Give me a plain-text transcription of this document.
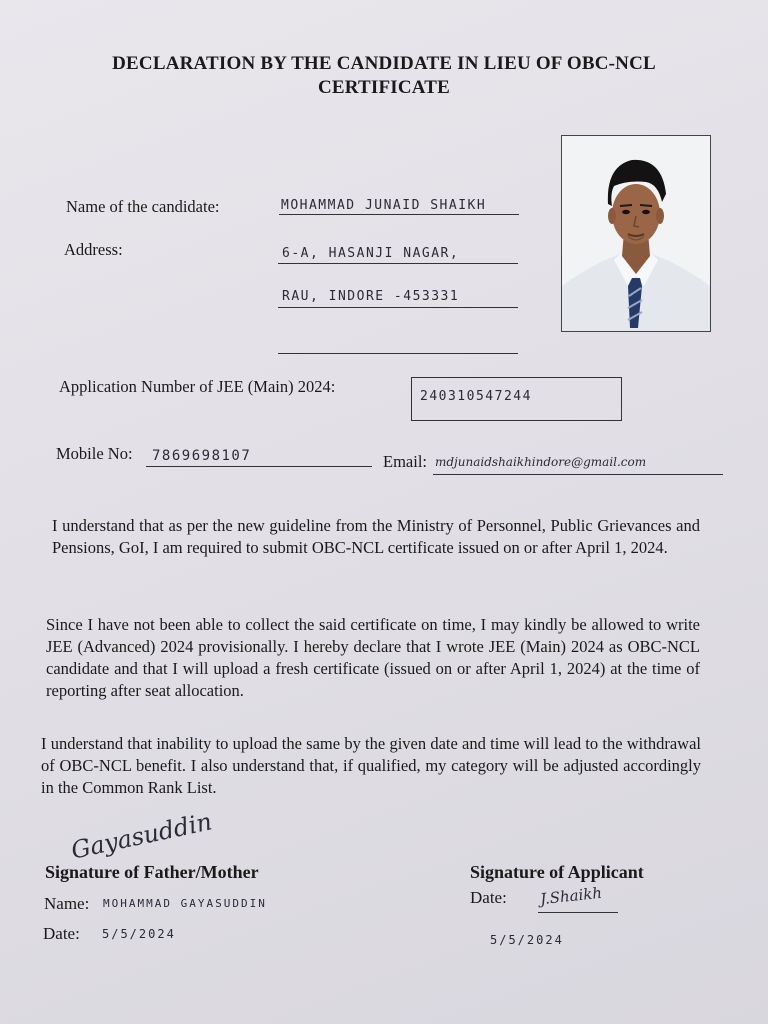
DECLARATION BY THE CANDIDATE IN LIEU OF OBC-NCL
CERTIFICATE
Name of the candidate:	MOHAMMAD JUNAID SHAIKH
Address:	6-A, HASANJI NAGAR,
RAU, INDORE -453331
Application Number of JEE (Main) 2024:
240310547244
Mobile No: 7869698107	Email: mdjunaidshaikhindore@gmail.com
I understand that as per the new guideline from the Ministry of Personnel, Public Grievances and Pensions, GoI, I am required to submit OBC-NCL certificate issued on or after April 1, 2024.
Since I have not been able to collect the said certificate on time, I may kindly be allowed to write JEE (Advanced) 2024 provisionally. I hereby declare that I wrote JEE (Main) 2024 as OBC-NCL candidate and that I will upload a fresh certificate (issued on or after April 1, 2024) at the time of reporting after seat allocation.
I understand that inability to upload the same by the given date and time will lead to the withdrawal of OBC-NCL benefit. I also understand that, if qualified, my category will be adjusted accordingly in the Common Rank List.
Gayasuddin
Signature of Father/Mother
Name: MOHAMMAD GAYASUDDIN
Date: 5/5/2024
Signature of Applicant
Date: J.Shaikh
5/5/2024
